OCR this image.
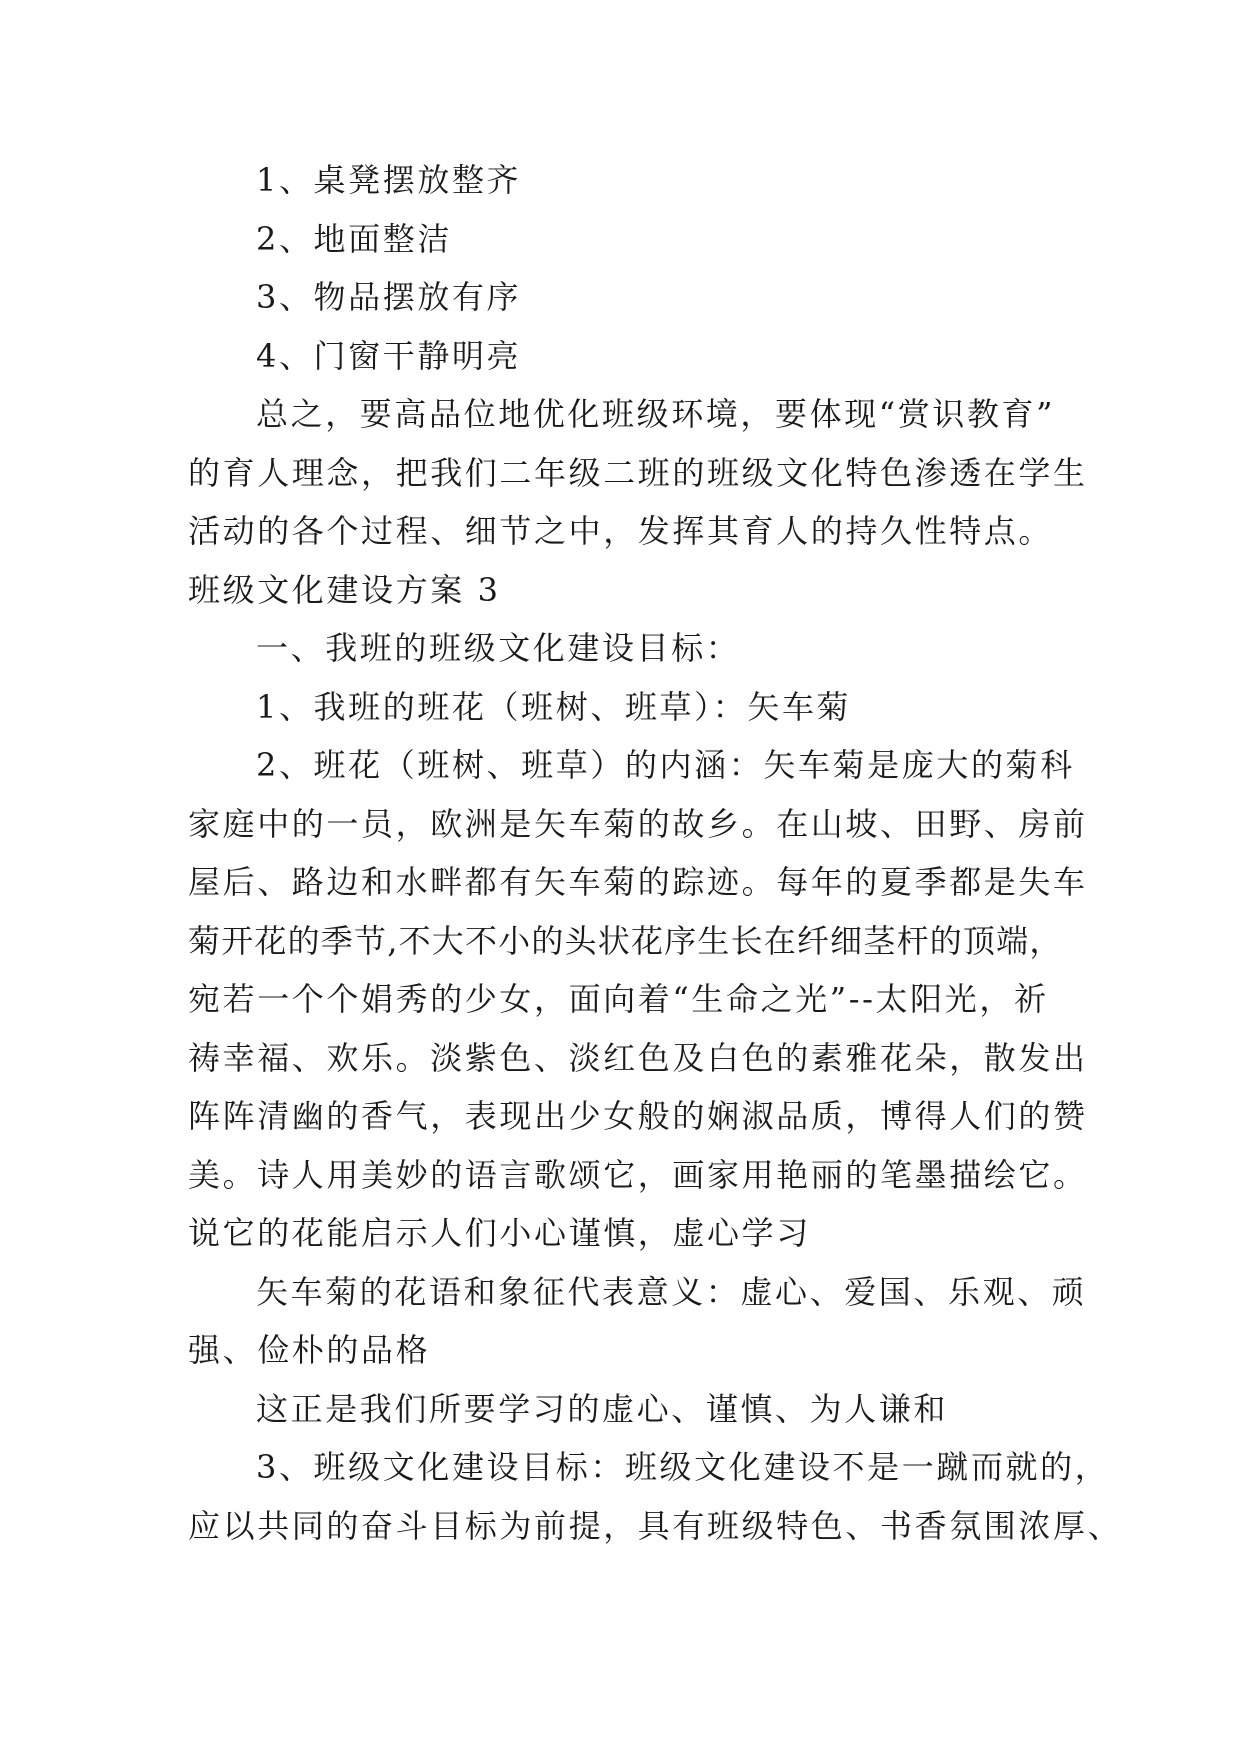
1、桌凳摆放整齐

2、地面整洁

3、物品摆放有序

4、门窗干静明亮

总之，要高品位地优化班级环境，要体现“赏识教育”

的育人理念，把我们二年级二班的班级文化特色渗透在学生

活动的各个过程、细节之中，发挥其育人的持久性特点。

班级文化建设方案 3

一、我班的班级文化建设目标：

1、我班的班花（班树、班草）：矢车菊

2、班花（班树、班草）的内涵：矢车菊是庞大的菊科

家庭中的一员，欧洲是矢车菊的故乡。在山坡、田野、房前

屋后、路边和水畔都有矢车菊的踪迹。每年的夏季都是失车

菊开花的季节,不大不小的头状花序生长在纤细茎杆的顶端，

宛若一个个娟秀的少女，面向着“生命之光”--太阳光，祈

祷幸福、欢乐。淡紫色、淡红色及白色的素雅花朵，散发出

阵阵清幽的香气，表现出少女般的娴淑品质，博得人们的赞

美。诗人用美妙的语言歌颂它，画家用艳丽的笔墨描绘它。

说它的花能启示人们小心谨慎，虚心学习

矢车菊的花语和象征代表意义：虚心、爱国、乐观、顽

强、俭朴的品格

这正是我们所要学习的虚心、谨慎、为人谦和

3、班级文化建设目标：班级文化建设不是一蹴而就的，

应以共同的奋斗目标为前提，具有班级特色、书香氛围浓厚、
